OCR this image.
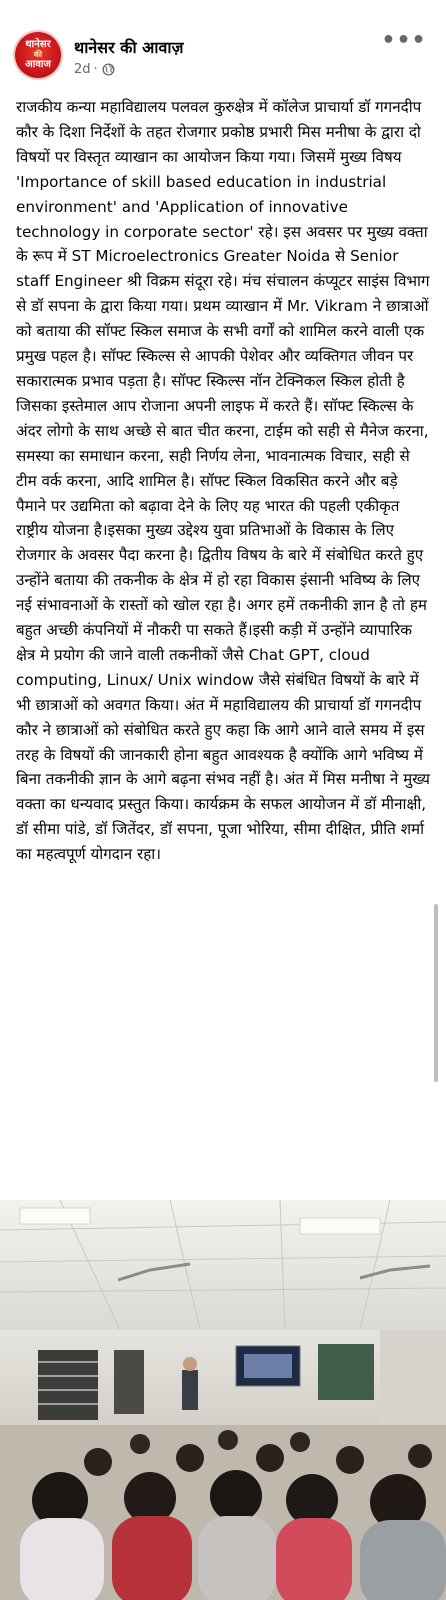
थानेसर
की
आवाज
थानेसर की आवाज़
2d ·
•••

राजकीय कन्या महाविद्यालय पलवल कुरुक्षेत्र में कॉलेज प्राचार्या डॉ गगनदीप कौर के दिशा निर्देशों के तहत रोजगार प्रकोष्ठ प्रभारी मिस मनीषा के द्वारा दो विषयों पर विस्तृत व्याखान का आयोजन किया गया। जिसमें मुख्य विषय 'Importance of skill based education in industrial environment' and 'Application of innovative technology in corporate sector' रहे। इस अवसर पर मुख्य वक्ता के रूप में ST Microelectronics Greater Noida से Senior staff Engineer श्री विक्रम संदूरा रहे। मंच संचालन कंप्यूटर साइंस विभाग से डॉ सपना के द्वारा किया गया। प्रथम व्याखान में Mr. Vikram ने छात्राओं को बताया की सॉफ्ट स्किल समाज के सभी वर्गों को शामिल करने वाली एक प्रमुख पहल है। सॉफ्ट स्किल्स से आपकी पेशेवर और व्यक्तिगत जीवन पर सकारात्मक प्रभाव पड़ता है। सॉफ्ट स्किल्स नॉन टेक्निकल स्किल होती है जिसका इस्तेमाल आप रोजाना अपनी लाइफ में करते हैं। सॉफ्ट स्किल्स के अंदर लोगो के साथ अच्छे से बात चीत करना, टाईम को सही से मैनेज करना, समस्या का समाधान करना, सही निर्णय लेना, भावनात्मक विचार, सही से टीम वर्क करना, आदि शामिल है। सॉफ्ट स्किल विकसित करने और बड़े पैमाने पर उद्यमिता को बढ़ावा देने के लिए यह भारत की पहली एकीकृत राष्ट्रीय योजना है।इसका मुख्य उद्देश्य युवा प्रतिभाओं के विकास के लिए रोजगार के अवसर पैदा करना है। द्वितीय विषय के बारे में संबोधित करते हुए उन्होंने बताया की तकनीक के क्षेत्र में हो रहा विकास इंसानी भविष्य के लिए नई संभावनाओं के रास्तों को खोल रहा है। अगर हमें तकनीकी ज्ञान है तो हम बहुत अच्छी कंपनियों में नौकरी पा सकते हैं।इसी कड़ी में उन्होंने व्यापारिक क्षेत्र मे प्रयोग की जाने वाली तकनीकों जैसे Chat GPT, cloud computing, Linux/ Unix window जैसे संबंधित विषयों के बारे में भी छात्राओं को अवगत किया। अंत में महाविद्यालय की प्राचार्या डॉ गगनदीप कौर ने छात्राओं को संबोधित करते हुए कहा कि आगे आने वाले समय में इस तरह के विषयों की जानकारी होना बहुत आवश्यक है क्योंकि आगे भविष्य में बिना तकनीकी ज्ञान के आगे बढ़ना संभव नहीं है। अंत में मिस मनीषा ने मुख्य वक्ता का धन्यवाद प्रस्तुत किया। कार्यक्रम के सफल आयोजन में डॉ मीनाक्षी, डॉ सीमा पांडे, डॉ जितेंदर, डॉ सपना, पूजा भोरिया, सीमा दीक्षित, प्रीति शर्मा का महत्वपूर्ण योगदान रहा।
